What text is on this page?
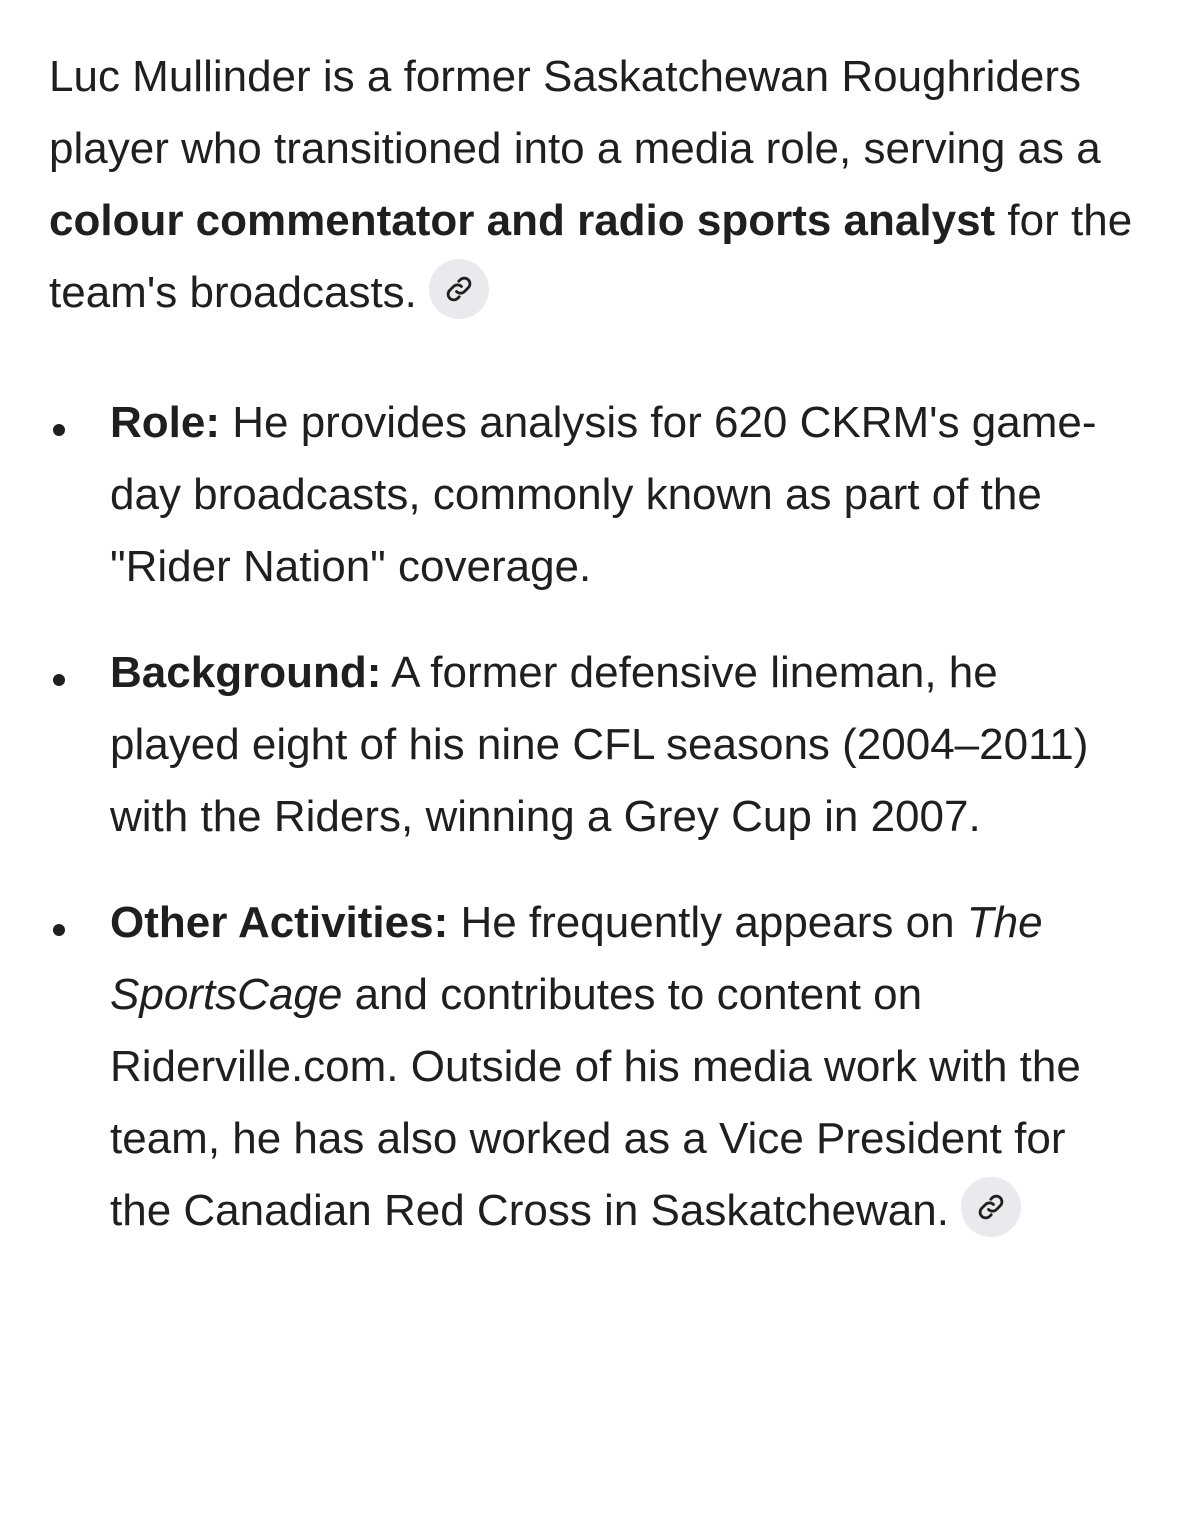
Luc Mullinder is a former Saskatchewan Roughriders player who transitioned into a media role, serving as a colour commentator and radio sports analyst for the team's broadcasts.

Role: He provides analysis for 620 CKRM's game-day broadcasts, commonly known as part of the "Rider Nation" coverage.
Background: A former defensive lineman, he played eight of his nine CFL seasons (2004–2011) with the Riders, winning a Grey Cup in 2007.
Other Activities: He frequently appears on The SportsCage and contributes to content on Riderville.com. Outside of his media work with the team, he has also worked as a Vice President for the Canadian Red Cross in Saskatchewan.
